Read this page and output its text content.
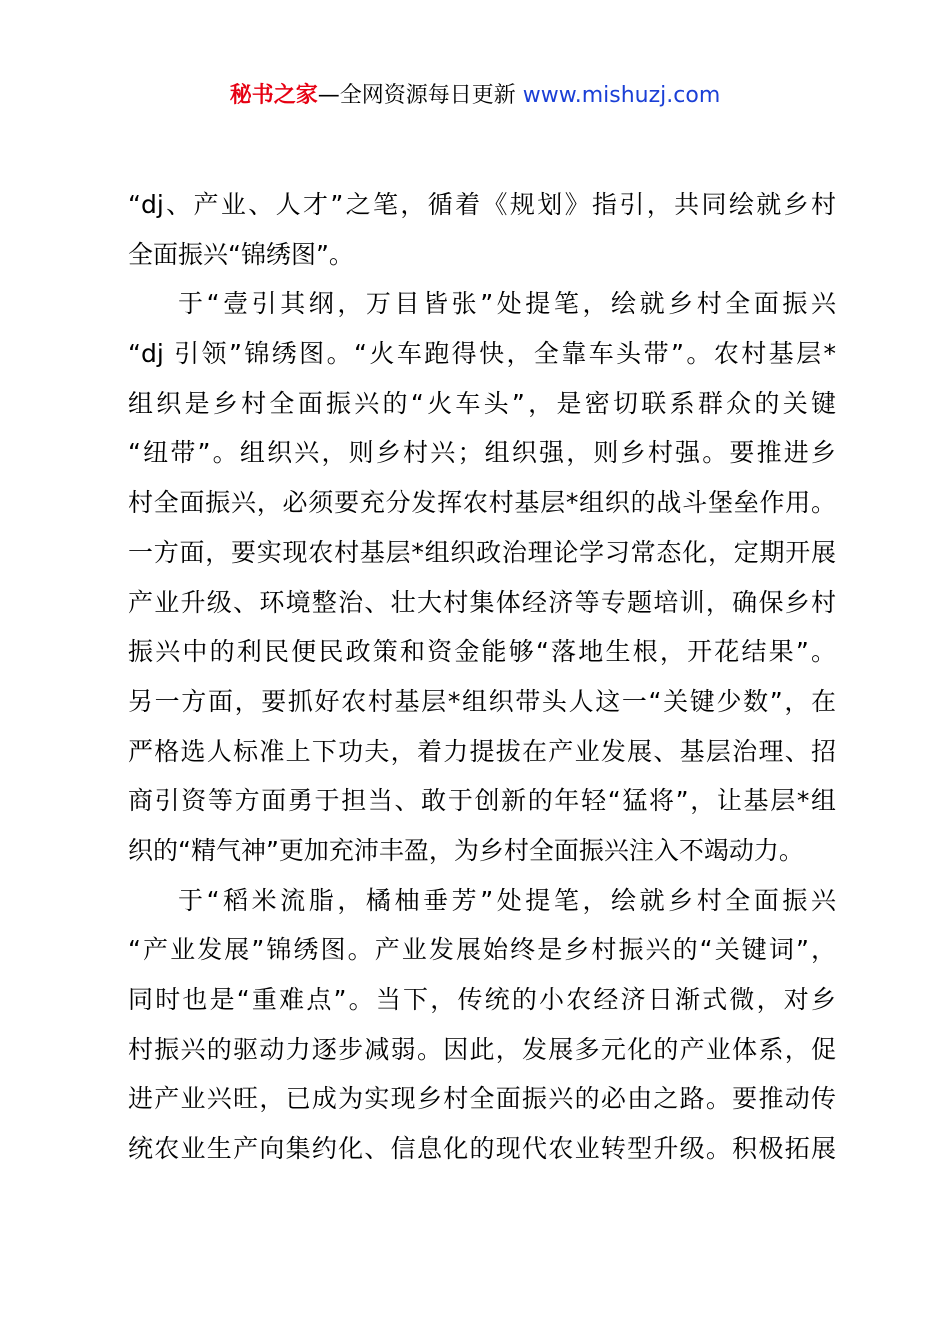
秘书之家—全网资源每日更新 www.mishuzj.com
“dj、产业、人才”之笔，循着《规划》指引，共同绘就乡村
全面振兴“锦绣图”。
于“壹引其纲，万目皆张”处提笔，绘就乡村全面振兴
“dj 引领”锦绣图。“火车跑得快，全靠车头带”。农村基层*
组织是乡村全面振兴的“火车头”，是密切联系群众的关键
“纽带”。组织兴，则乡村兴；组织强，则乡村强。要推进乡
村全面振兴，必须要充分发挥农村基层*组织的战斗堡垒作用。
一方面，要实现农村基层*组织政治理论学习常态化，定期开展
产业升级、环境整治、壮大村集体经济等专题培训，确保乡村
振兴中的利民便民政策和资金能够“落地生根，开花结果”。
另一方面，要抓好农村基层*组织带头人这一“关键少数”，在
严格选人标准上下功夫，着力提拔在产业发展、基层治理、招
商引资等方面勇于担当、敢于创新的年轻“猛将”，让基层*组
织的“精气神”更加充沛丰盈，为乡村全面振兴注入不竭动力。
于“稻米流脂，橘柚垂芳”处提笔，绘就乡村全面振兴
“产业发展”锦绣图。产业发展始终是乡村振兴的“关键词”，
同时也是“重难点”。当下，传统的小农经济日渐式微，对乡
村振兴的驱动力逐步减弱。因此，发展多元化的产业体系，促
进产业兴旺，已成为实现乡村全面振兴的必由之路。要推动传
统农业生产向集约化、信息化的现代农业转型升级。积极拓展
